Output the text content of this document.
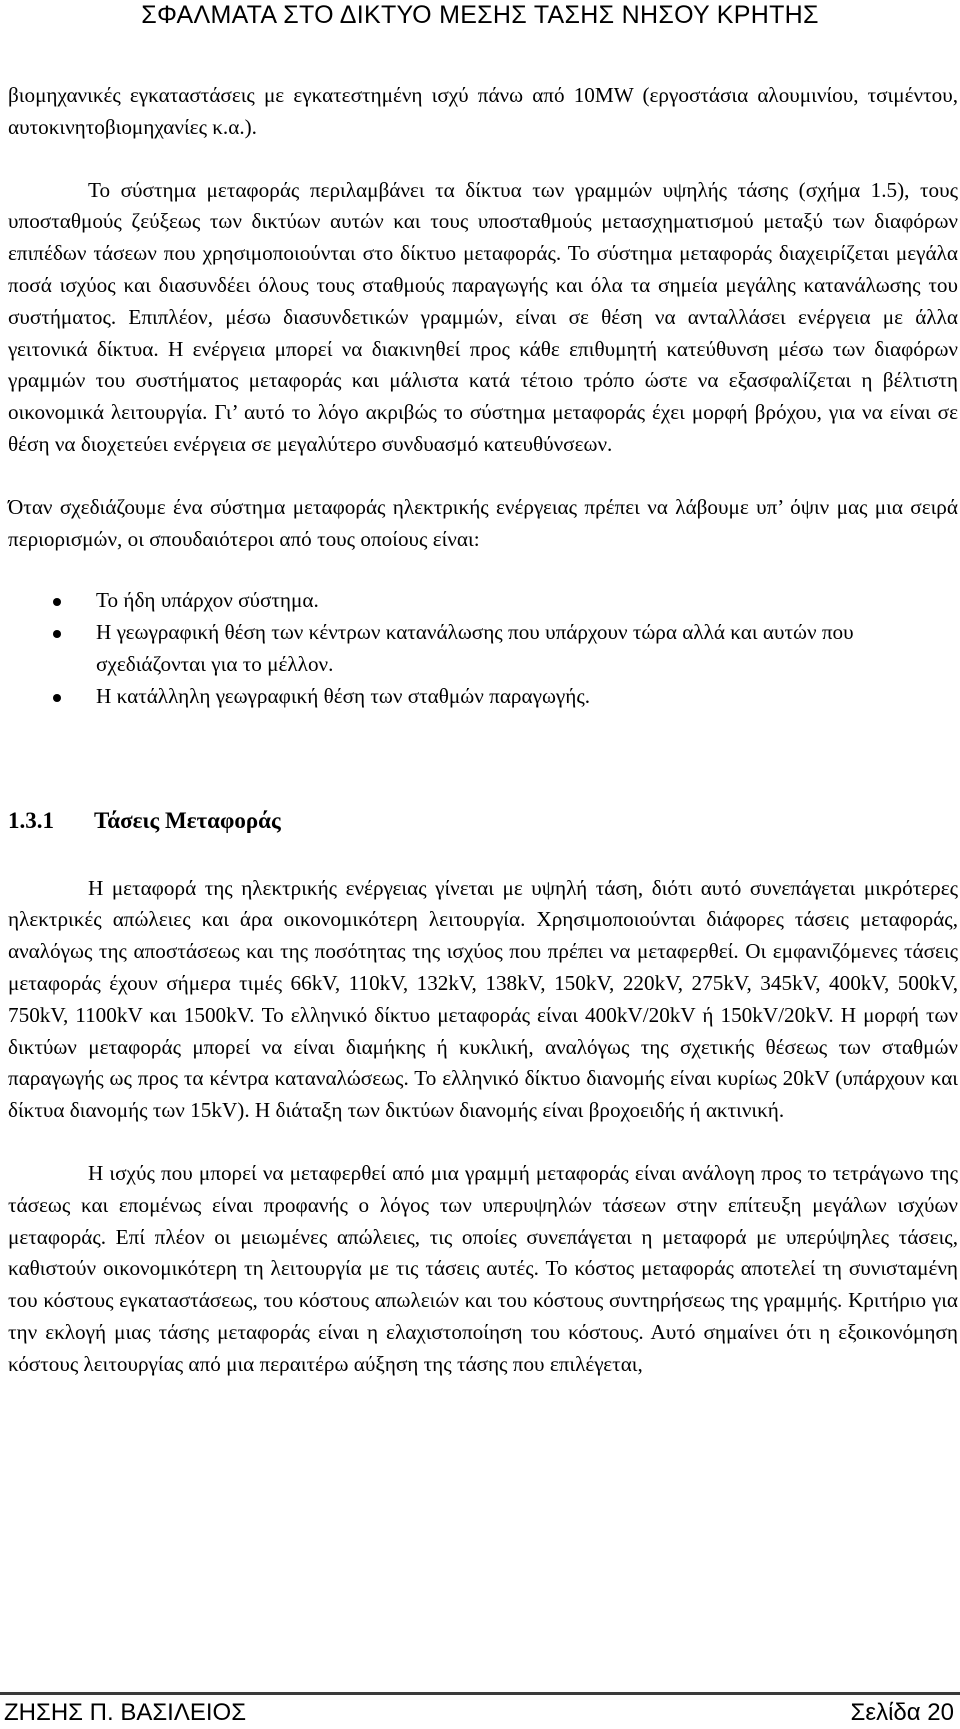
ΣΦΑΛΜΑΤΑ ΣΤΟ ΔΙΚΤΥΟ ΜΕΣΗΣ ΤΑΣΗΣ ΝΗΣΟΥ ΚΡΗΤΗΣ

βιομηχανικές εγκαταστάσεις με εγκατεστημένη ισχύ πάνω από 10MW (εργοστάσια αλουμινίου, τσιμέντου, αυτοκινητοβιομηχανίες κ.α.).

Το σύστημα μεταφοράς περιλαμβάνει τα δίκτυα των γραμμών υψηλής τάσης (σχήμα 1.5), τους υποσταθμούς ζεύξεως των δικτύων αυτών και τους υποσταθμούς μετασχηματισμού μεταξύ των διαφόρων επιπέδων τάσεων που χρησιμοποιούνται στο δίκτυο μεταφοράς. Το σύστημα μεταφοράς διαχειρίζεται μεγάλα ποσά ισχύος και διασυνδέει όλους τους σταθμούς παραγωγής και όλα τα σημεία μεγάλης κατανάλωσης του συστήματος. Επιπλέον, μέσω διασυνδετικών γραμμών, είναι σε θέση να ανταλλάσει ενέργεια με άλλα γειτονικά δίκτυα. Η ενέργεια μπορεί να διακινηθεί προς κάθε επιθυμητή κατεύθυνση μέσω των διαφόρων γραμμών του συστήματος μεταφοράς και μάλιστα κατά τέτοιο τρόπο ώστε να εξασφαλίζεται η βέλτιστη οικονομικά λειτουργία. Γι’ αυτό το λόγο ακριβώς το σύστημα μεταφοράς έχει μορφή βρόχου, για να είναι σε θέση να διοχετεύει ενέργεια σε μεγαλύτερο συνδυασμό κατευθύνσεων.

Όταν σχεδιάζουμε ένα σύστημα μεταφοράς ηλεκτρικής ενέργειας πρέπει να λάβουμε υπ’ όψιν μας μια σειρά περιορισμών, οι σπουδαιότεροι από τους οποίους είναι:

Το ήδη υπάρχον σύστημα.
Η γεωγραφική θέση των κέντρων κατανάλωσης που υπάρχουν τώρα αλλά και αυτών που σχεδιάζονται για το μέλλον.
Η κατάλληλη γεωγραφική θέση των σταθμών παραγωγής.

1.3.1 Τάσεις Μεταφοράς

Η μεταφορά της ηλεκτρικής ενέργειας γίνεται με υψηλή τάση, διότι αυτό συνεπάγεται μικρότερες ηλεκτρικές απώλειες και άρα οικονομικότερη λειτουργία. Χρησιμοποιούνται διάφορες τάσεις μεταφοράς, αναλόγως της αποστάσεως και της ποσότητας της ισχύος που πρέπει να μεταφερθεί. Οι εμφανιζόμενες τάσεις μεταφοράς έχουν σήμερα τιμές 66kV, 110kV, 132kV, 138kV, 150kV, 220kV, 275kV, 345kV, 400kV, 500kV, 750kV, 1100kV και 1500kV. Το ελληνικό δίκτυο μεταφοράς είναι 400kV/20kV ή 150kV/20kV. Η μορφή των δικτύων μεταφοράς μπορεί να είναι διαμήκης ή κυκλική, αναλόγως της σχετικής θέσεως των σταθμών παραγωγής ως προς τα κέντρα καταναλώσεως. Το ελληνικό δίκτυο διανομής είναι κυρίως 20kV (υπάρχουν και δίκτυα διανομής των 15kV). Η διάταξη των δικτύων διανομής είναι βροχοειδής ή ακτινική.

Η ισχύς που μπορεί να μεταφερθεί από μια γραμμή μεταφοράς είναι ανάλογη προς το τετράγωνο της τάσεως και επομένως είναι προφανής ο λόγος των υπερυψηλών τάσεων στην επίτευξη μεγάλων ισχύων μεταφοράς. Επί πλέον οι μειωμένες απώλειες, τις οποίες συνεπάγεται η μεταφορά με υπερύψηλες τάσεις, καθιστούν οικονομικότερη τη λειτουργία με τις τάσεις αυτές. Το κόστος μεταφοράς αποτελεί τη συνισταμένη του κόστους εγκαταστάσεως, του κόστους απωλειών και του κόστους συντηρήσεως της γραμμής. Κριτήριο για την εκλογή μιας τάσης μεταφοράς είναι η ελαχιστοποίηση του κόστους. Αυτό σημαίνει ότι η εξοικονόμηση κόστους λειτουργίας από μια περαιτέρω αύξηση της τάσης που επιλέγεται,

ΖΗΣΗΣ Π. ΒΑΣΙΛΕΙΟΣ	Σελίδα 20
